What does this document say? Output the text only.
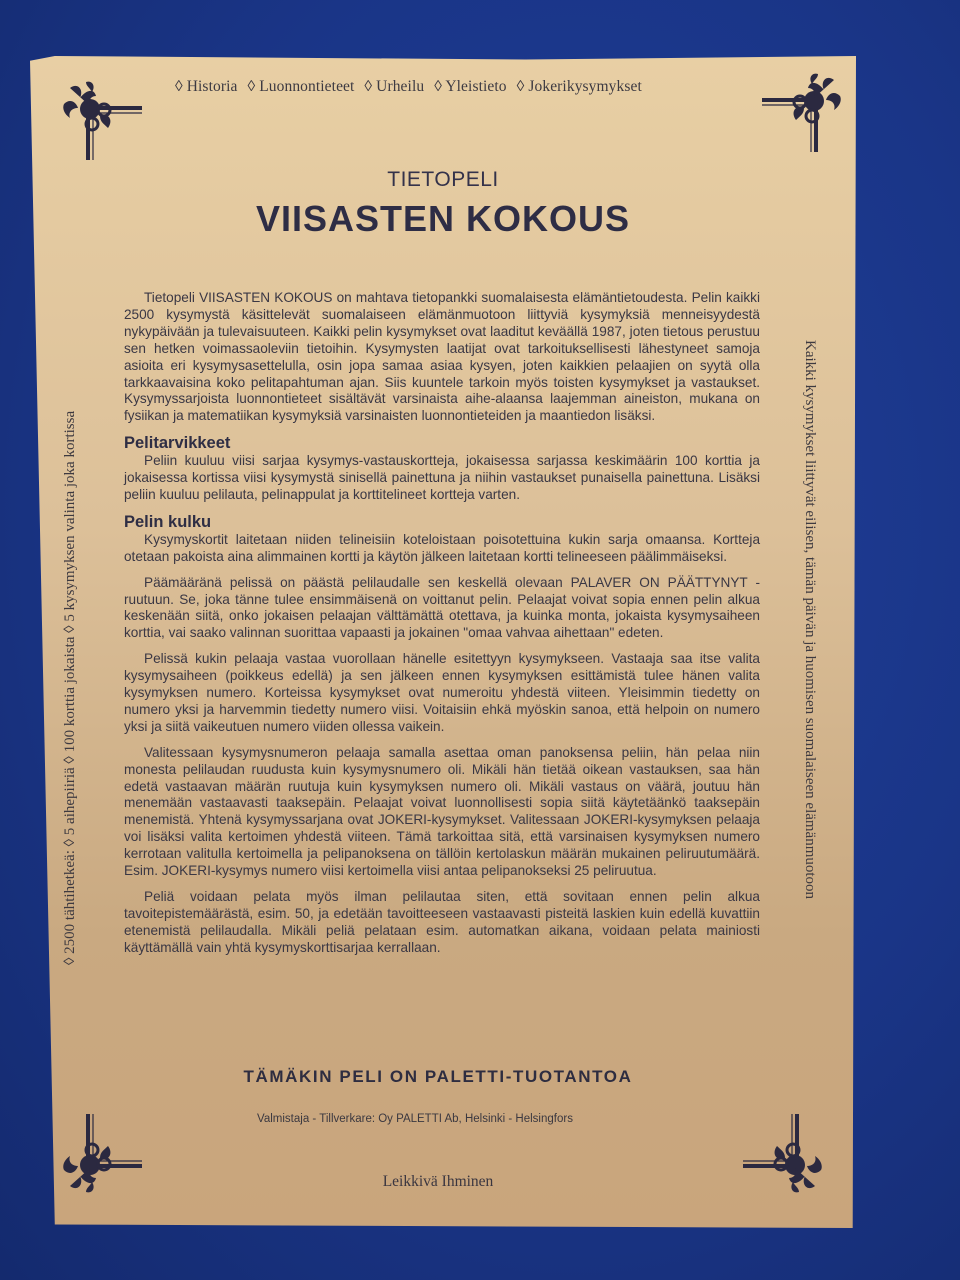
◊ Historia ◊ Luonnontieteet ◊ Urheilu ◊ Yleistieto ◊ Jokerikysymykset
TIETOPELI
VIISASTEN KOKOUS

Tietopeli VIISASTEN KOKOUS on mahtava tietopankki suomalaisesta elämäntietoudesta. Pelin kaikki 2500 kysymystä käsittelevät suomalaiseen elämänmuotoon liittyviä kysymyksiä menneisyydestä nykypäivään ja tulevaisuuteen. Kaikki pelin kysymykset ovat laaditut keväällä 1987, joten tietous perustuu sen hetken voimassaoleviin tietoihin. Kysymysten laatijat ovat tarkoituksellisesti lähestyneet samoja asioita eri kysymysasettelulla, osin jopa samaa asiaa kysyen, joten kaikkien pelaajien on syytä olla tarkkaavaisina koko pelitapahtuman ajan. Siis kuuntele tarkoin myös toisten kysymykset ja vastaukset. Kysymyssarjoista luonnontieteet sisältävät varsinaista aihe-alaansa laajemman aineiston, mukana on fysiikan ja matematiikan kysymyksiä varsinaisten luonnontieteiden ja maantiedon lisäksi.

Pelitarvikkeet

Peliin kuuluu viisi sarjaa kysymys-vastauskortteja, jokaisessa sarjassa keskimäärin 100 korttia ja jokaisessa kortissa viisi kysymystä sinisellä painettuna ja niihin vastaukset punaisella painettuna. Lisäksi peliin kuuluu pelilauta, pelinappulat ja korttitelineet kortteja varten.

Pelin kulku

Kysymyskortit laitetaan niiden telineisiin koteloistaan poisotettuina kukin sarja omaansa. Kortteja otetaan pakoista aina alimmainen kortti ja käytön jälkeen laitetaan kortti telineeseen päälimmäiseksi.

Päämääränä pelissä on päästä pelilaudalle sen keskellä olevaan PALAVER ON PÄÄTTYNYT -ruutuun. Se, joka tänne tulee ensimmäisenä on voittanut pelin. Pelaajat voivat sopia ennen pelin alkua keskenään siitä, onko jokaisen pelaajan välttämättä otettava, ja kuinka monta, jokaista kysymysaiheen korttia, vai saako valinnan suorittaa vapaasti ja jokainen "omaa vahvaa aihettaan" edeten.

Pelissä kukin pelaaja vastaa vuorollaan hänelle esitettyyn kysymykseen. Vastaaja saa itse valita kysymysaiheen (poikkeus edellä) ja sen jälkeen ennen kysymyksen esittämistä tulee hänen valita kysymyksen numero. Korteissa kysymykset ovat numeroitu yhdestä viiteen. Yleisimmin tiedetty on numero yksi ja harvemmin tiedetty numero viisi. Voitaisiin ehkä myöskin sanoa, että helpoin on numero yksi ja siitä vaikeutuen numero viiden ollessa vaikein.

Valitessaan kysymysnumeron pelaaja samalla asettaa oman panoksensa peliin, hän pelaa niin monesta pelilaudan ruudusta kuin kysymysnumero oli. Mikäli hän tietää oikean vastauksen, saa hän edetä vastaavan määrän ruutuja kuin kysymyksen numero oli. Mikäli vastaus on väärä, joutuu hän menemään vastaavasti taaksepäin. Pelaajat voivat luonnollisesti sopia siitä käytetäänkö taaksepäin menemistä. Yhtenä kysymyssarjana ovat JOKERI-kysymykset. Valitessaan JOKERI-kysymyksen pelaaja voi lisäksi valita kertoimen yhdestä viiteen. Tämä tarkoittaa sitä, että varsinaisen kysymyksen numero kerrotaan valitulla kertoimella ja pelipanoksena on tällöin kertolaskun määrän mukainen peliruutumäärä. Esim. JOKERI-kysymys numero viisi kertoimella viisi antaa pelipanokseksi 25 peliruutua.

Peliä voidaan pelata myös ilman pelilautaa siten, että sovitaan ennen pelin alkua tavoitepistemäärästä, esim. 50, ja edetään tavoitteeseen vastaavasti pisteitä laskien kuin edellä kuvattiin etenemistä pelilaudalla. Mikäli peliä pelataan esim. automatkan aikana, voidaan pelata mainiosti käyttämällä vain yhtä kysymyskorttisarjaa kerrallaan.

◊ 2500 tähtihetkeä: ◊ 5 aihepiiriä ◊ 100 korttia jokaista ◊ 5 kysymyksen valinta joka kortissa	Kaikki kysymykset liittyvät eilisen, tämän päivän ja huomisen suomalaiseen elämänmuotoon
TÄMÄKIN PELI ON PALETTI-TUOTANTOA
Valmistaja - Tillverkare: Oy PALETTI Ab, Helsinki - Helsingfors
Leikkivä Ihminen
